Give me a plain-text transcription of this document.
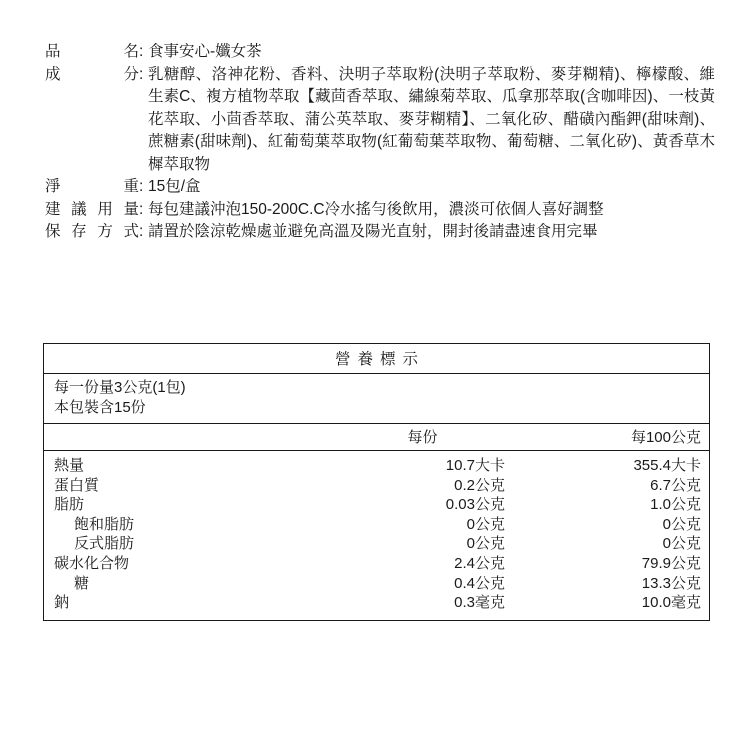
品名 : 食事安心-孅女茶
成分 : 乳糖醇、洛神花粉、香料、決明子萃取粉(決明子萃取粉、麥芽糊精)、檸檬酸、維生素C、複方植物萃取【藏茴香萃取、繡線菊萃取、瓜拿那萃取(含咖啡因)、一枝黃花萃取、小茴香萃取、蒲公英萃取、麥芽糊精】、二氧化矽、醋磺內酯鉀(甜味劑)、蔗糖素(甜味劑)、紅葡萄葉萃取物(紅葡萄葉萃取物、葡萄糖、二氧化矽)、黃香草木樨萃取物
淨重 : 15包/盒
建議用量 : 每包建議沖泡150-200C.C冷水搖勻後飲用，濃淡可依個人喜好調整
保存方式 : 請置於陰涼乾燥處並避免高溫及陽光直射，開封後請盡速食用完畢
營養標示
每一份量3公克(1包)
本包裝含15份
每份	每100公克
熱量	10.7大卡	355.4大卡
蛋白質	0.2公克	6.7公克
脂肪	0.03公克	1.0公克
飽和脂肪	0公克	0公克
反式脂肪	0公克	0公克
碳水化合物	2.4公克	79.9公克
糖	0.4公克	13.3公克
鈉	0.3毫克	10.0毫克
